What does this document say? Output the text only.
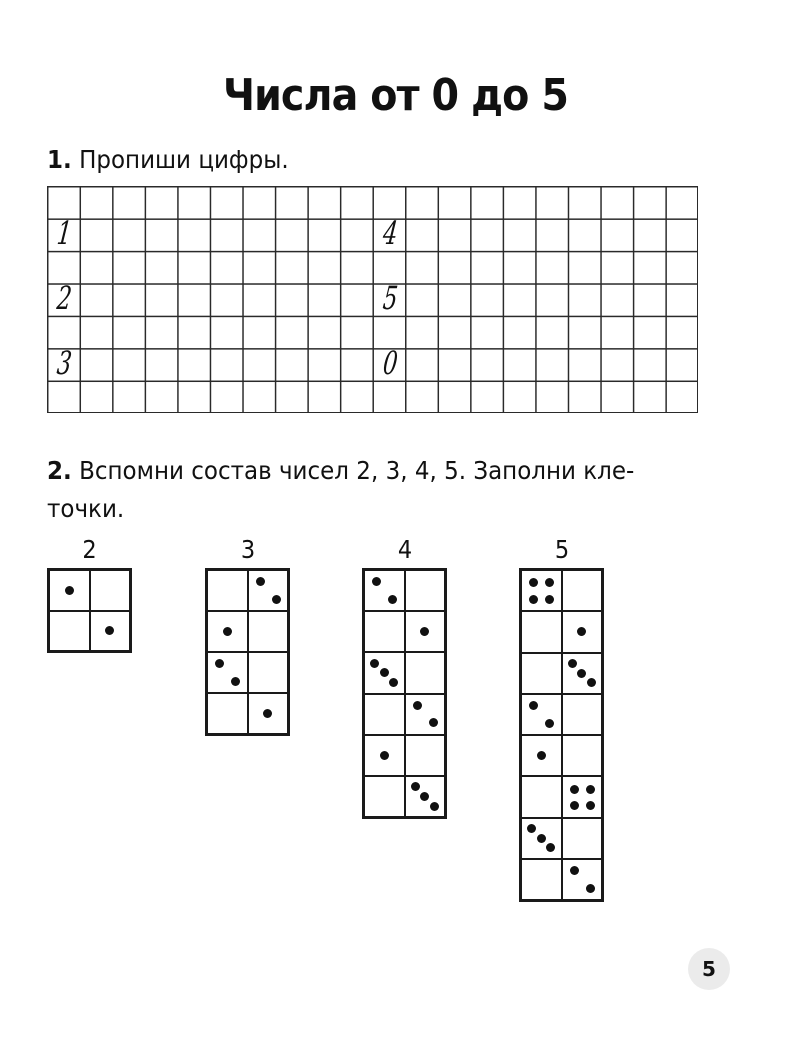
Числа от 0 до 5
1. Пропиши цифры.
1
2
3
4
5
0
2. Вспомни состав чисел 2, 3, 4, 5. Заполни кле-
точки.
2	3	4	5
5
